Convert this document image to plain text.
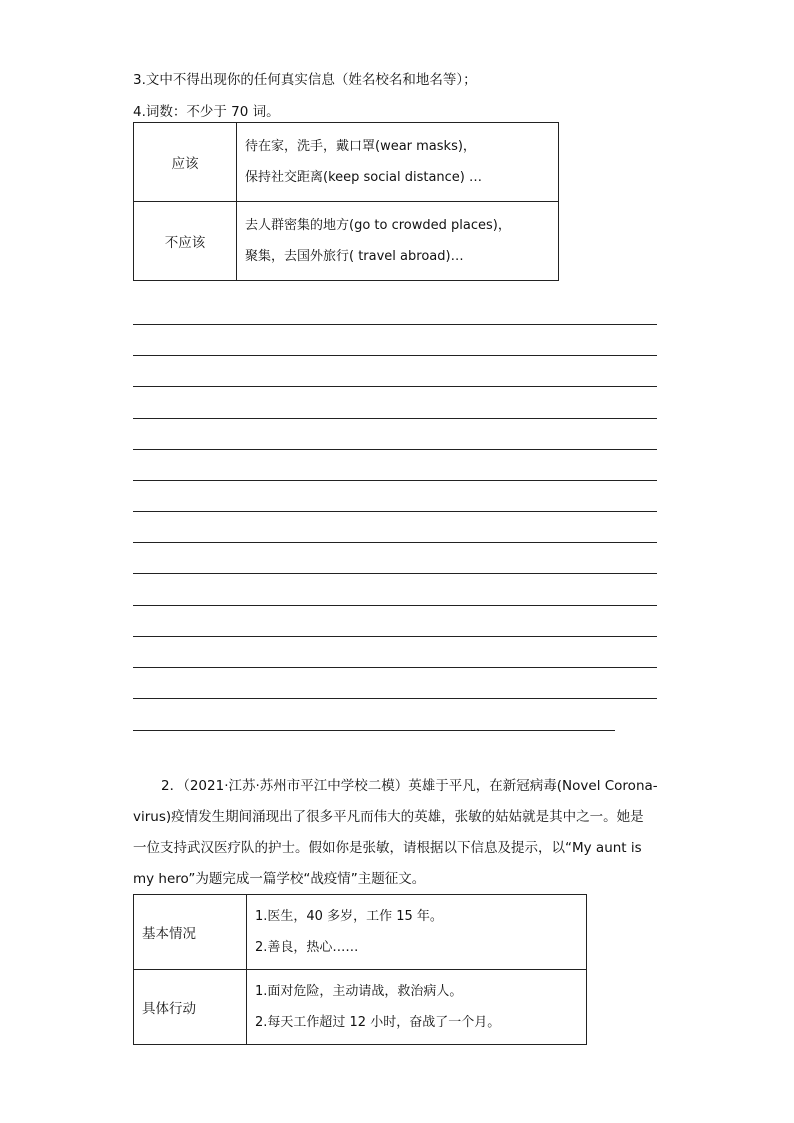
3.文中不得出现你的任何真实信息（姓名校名和地名等）；
4.词数：不少于 70 词。
应该	待在家，洗手，戴口罩(wear masks)，
保持社交距离(keep social distance) …

不应该	去人群密集的地方(go to crowded places)，
聚集，去国外旅行( travel abroad)…
2．（2021·江苏·苏州市平江中学校二模）英雄于平凡，在新冠病毒(Novel Corona-
virus)疫情发生期间涌现出了很多平凡而伟大的英雄，张敏的姑姑就是其中之一。她是
一位支持武汉医疗队的护士。假如你是张敏，请根据以下信息及提示，以“My aunt is
my hero”为题完成一篇学校“战疫情”主题征文。
基本情况	1.医生，40 多岁，工作 15 年。
2.善良，热心……

具体行动	1.面对危险，主动请战，救治病人。
2.每天工作超过 12 小时，奋战了一个月。
